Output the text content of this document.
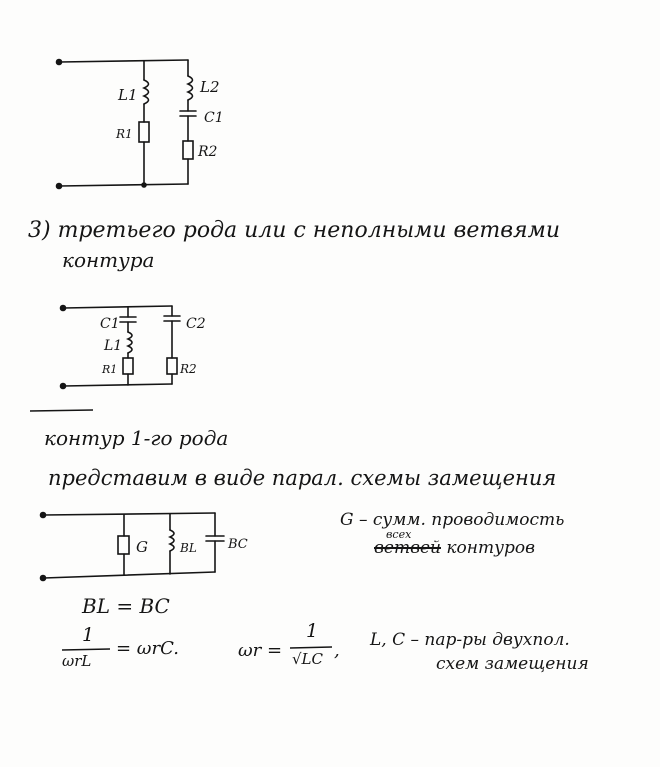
L1
R1
L2
C1
R2
3) третьего рода или с неполными ветвями
контура
C1
L1
R1
C2
R2
контур 1-го рода
представим в виде парал. схемы замещения
G	BL BC
G – сумм. проводимость
всех
ветвей контуров
BL = BC
1
ωrL
= ωrC.	ωr =
1
√LC , L, C – пар-ры двухпол.
схем замещения
